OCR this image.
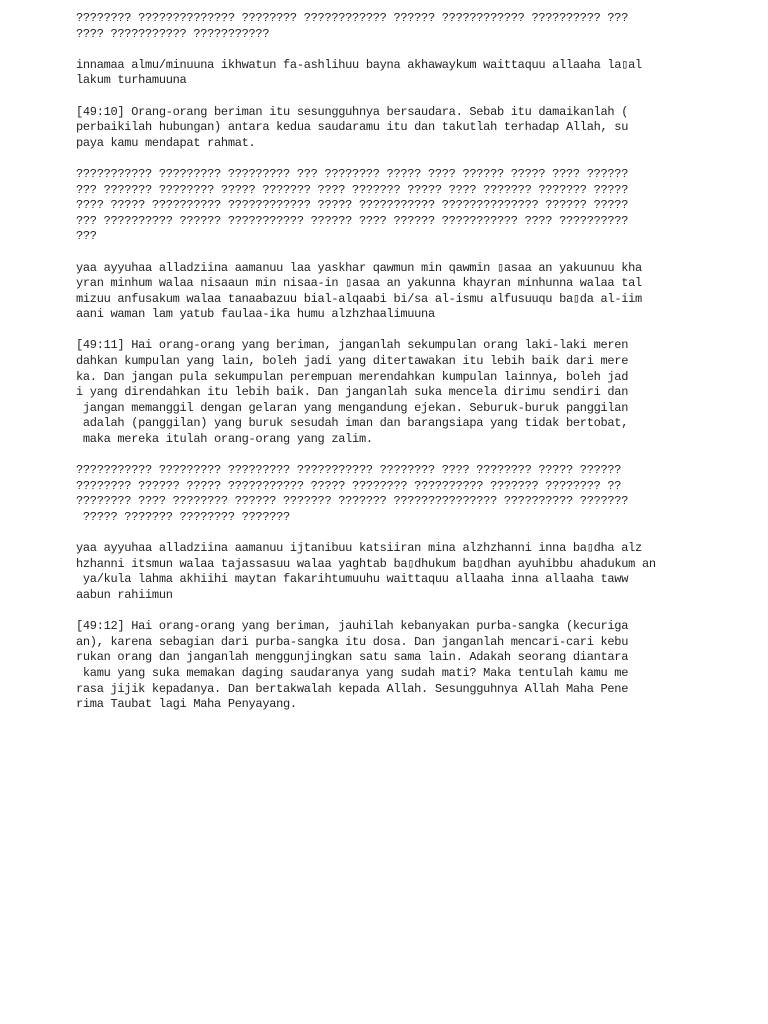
???????? ?????????????? ???????? ???????????? ?????? ???????????? ?????????? ???
???? ??????????? ???????????
innamaa almu/minuuna ikhwatun fa-ashlihuu bayna akhawaykum waittaquu allaaha la▯al
lakum turhamuuna
[49:10] Orang-orang beriman itu sesungguhnya bersaudara. Sebab itu damaikanlah (
perbaikilah hubungan) antara kedua saudaramu itu dan takutlah terhadap Allah, su
paya kamu mendapat rahmat.
??????????? ????????? ????????? ??? ???????? ????? ???? ?????? ????? ???? ??????
??? ??????? ???????? ????? ??????? ???? ??????? ????? ???? ??????? ??????? ?????
???? ????? ?????????? ???????????? ????? ??????????? ?????????????? ?????? ?????
??? ?????????? ?????? ??????????? ?????? ???? ?????? ??????????? ???? ??????????
???
yaa ayyuhaa alladziina aamanuu laa yaskhar qawmun min qawmin ▯asaa an yakuunuu kha
yran minhum walaa nisaaun min nisaa-in ▯asaa an yakunna khayran minhunna walaa tal
mizuu anfusakum walaa tanaabazuu bial-alqaabi bi/sa al-ismu alfusuuqu ba▯da al-iim
aani waman lam yatub faulaa-ika humu alzhzhaalimuuna
[49:11] Hai orang-orang yang beriman, janganlah sekumpulan orang laki-laki meren
dahkan kumpulan yang lain, boleh jadi yang ditertawakan itu lebih baik dari mere
ka. Dan jangan pula sekumpulan perempuan merendahkan kumpulan lainnya, boleh jad
i yang direndahkan itu lebih baik. Dan janganlah suka mencela dirimu sendiri dan
jangan memanggil dengan gelaran yang mengandung ejekan. Seburuk-buruk panggilan
adalah (panggilan) yang buruk sesudah iman dan barangsiapa yang tidak bertobat,
maka mereka itulah orang-orang yang zalim.
??????????? ????????? ????????? ??????????? ???????? ???? ???????? ????? ??????
???????? ?????? ????? ??????????? ????? ???????? ?????????? ??????? ???????? ??
???????? ???? ???????? ?????? ??????? ??????? ??????????????? ?????????? ???????
????? ??????? ???????? ???????
yaa ayyuhaa alladziina aamanuu ijtanibuu katsiiran mina alzhzhanni inna ba▯dha alz
hzhanni itsmun walaa tajassasuu walaa yaghtab ba▯dhukum ba▯dhan ayuhibbu ahadukum an
ya/kula lahma akhiihi maytan fakarihtumuuhu waittaquu allaaha inna allaaha taww
aabun rahiimun
[49:12] Hai orang-orang yang beriman, jauhilah kebanyakan purba-sangka (kecuriga
an), karena sebagian dari purba-sangka itu dosa. Dan janganlah mencari-cari kebu
rukan orang dan janganlah menggunjingkan satu sama lain. Adakah seorang diantara
kamu yang suka memakan daging saudaranya yang sudah mati? Maka tentulah kamu me
rasa jijik kepadanya. Dan bertakwalah kepada Allah. Sesungguhnya Allah Maha Pene
rima Taubat lagi Maha Penyayang.
